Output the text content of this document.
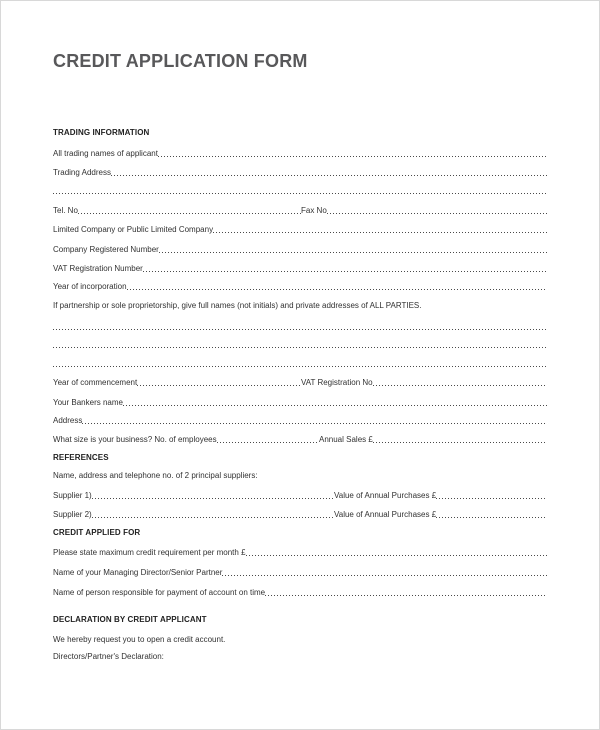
CREDIT APPLICATION FORM
TRADING INFORMATION
All trading names of applicant
Trading Address
Tel. No	Fax No
Limited Company or Public Limited Company
Company Registered Number
VAT Registration Number
Year of incorporation
If partnership or sole proprietorship, give full names (not initials) and private addresses of ALL PARTIES.
Year of commencement	VAT Registration No
Your Bankers name
Address
What size is your business? No. of employees	Annual Sales £
REFERENCES
Name, address and telephone no. of 2 principal suppliers:
Supplier 1)	Value of Annual Purchases £
Supplier 2)	Value of Annual Purchases £
CREDIT APPLIED FOR
Please state maximum credit requirement per month £
Name of your Managing Director/Senior Partner
Name of person responsible for payment of account on time
DECLARATION BY CREDIT APPLICANT
We hereby request you to open a credit account.
Directors/Partner's Declaration:
